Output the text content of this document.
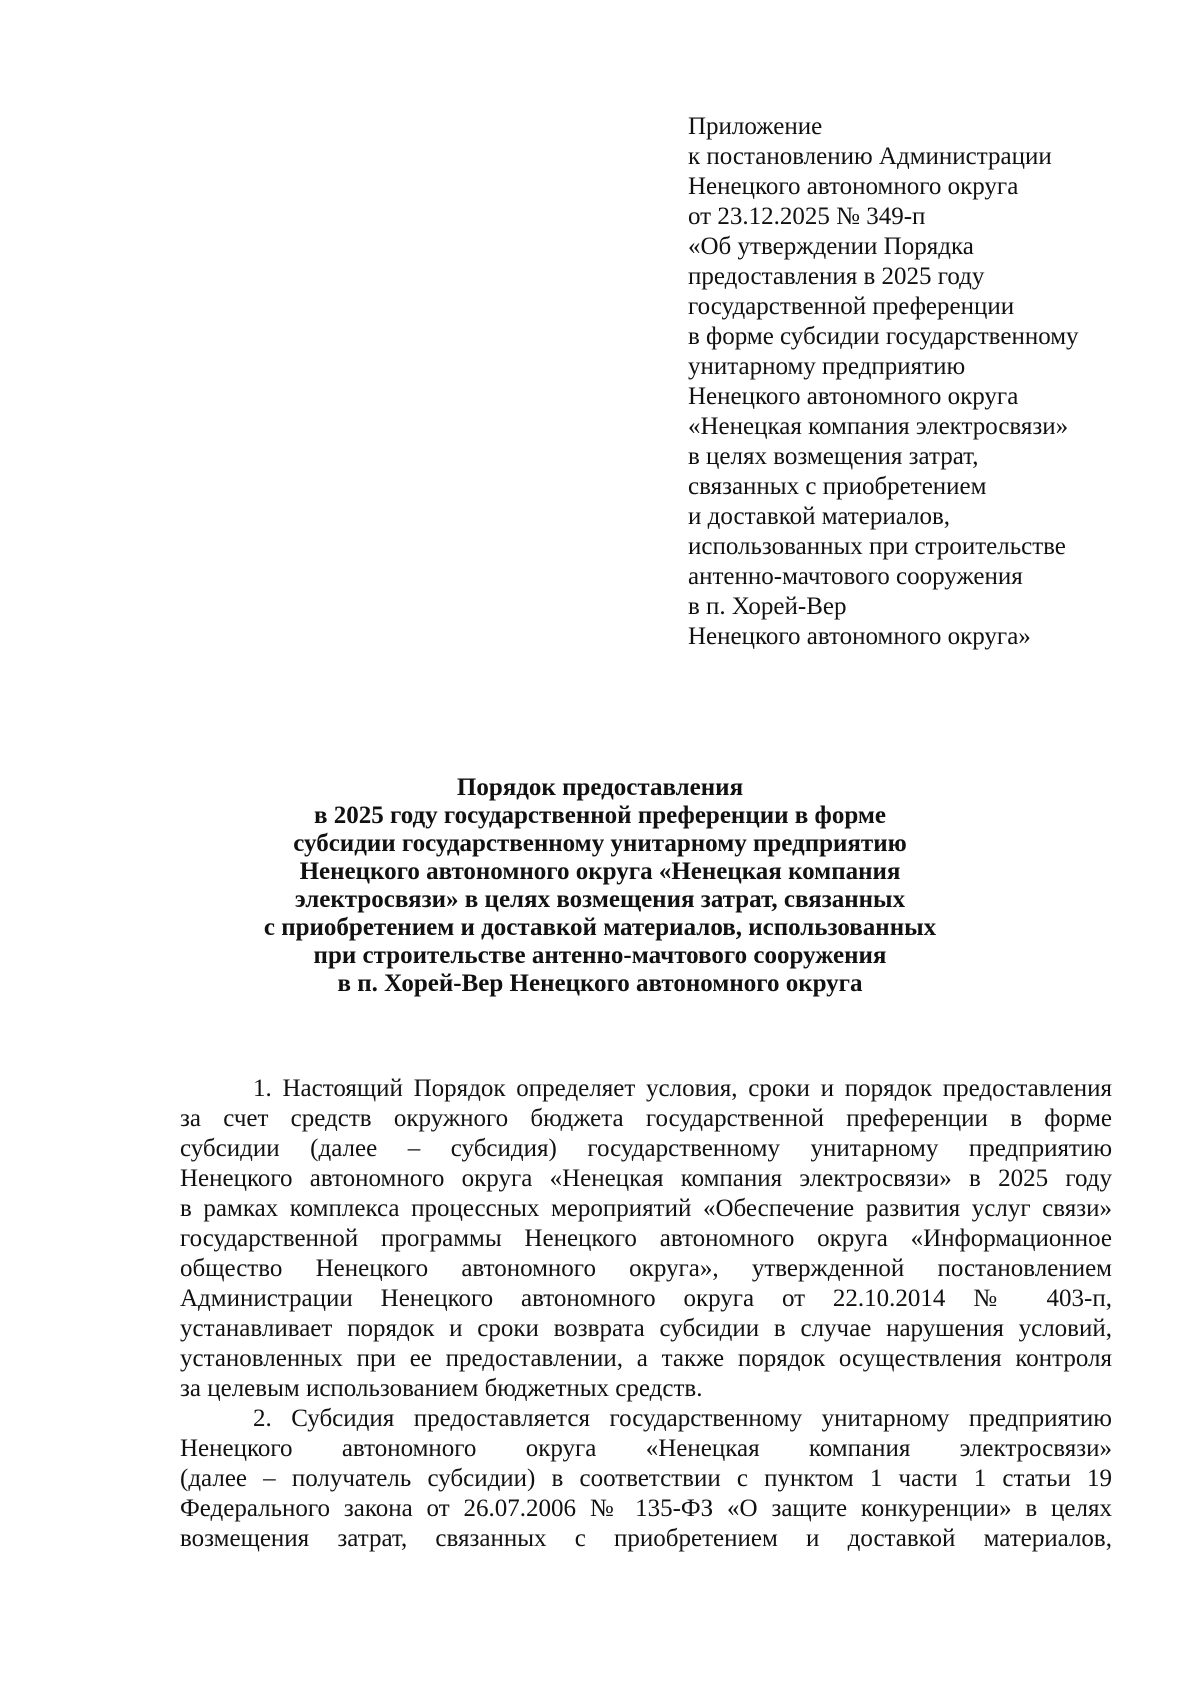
Приложение
к постановлению Администрации
Ненецкого автономного округа
от 23.12.2025 № 349-п
«Об утверждении Порядка
предоставления в 2025 году
государственной преференции
в форме субсидии государственному
унитарному предприятию
Ненецкого автономного округа
«Ненецкая компания электросвязи»
в целях возмещения затрат,
связанных с приобретением
и доставкой материалов,
использованных при строительстве
антенно-мачтового сооружения
в п. Хорей-Вер
Ненецкого автономного округа»
Порядок предоставления
в 2025 году государственной преференции в форме
субсидии государственному унитарному предприятию
Ненецкого автономного округа «Ненецкая компания
электросвязи» в целях возмещения затрат, связанных
с приобретением и доставкой материалов, использованных
при строительстве антенно-мачтового сооружения
в п. Хорей-Вер Ненецкого автономного округа
1. Настоящий Порядок определяет условия, сроки и порядок предоставления
за счет средств окружного бюджета государственной преференции в форме
субсидии (далее – субсидия) государственному унитарному предприятию
Ненецкого автономного округа «Ненецкая компания электросвязи» в 2025 году
в рамках комплекса процессных мероприятий «Обеспечение развития услуг связи»
государственной программы Ненецкого автономного округа «Информационное
общество Ненецкого автономного округа», утвержденной постановлением
Администрации Ненецкого автономного округа от 22.10.2014 № 403-п,
устанавливает порядок и сроки возврата субсидии в случае нарушения условий,
установленных при ее предоставлении, а также порядок осуществления контроля
за целевым использованием бюджетных средств.
2. Субсидия предоставляется государственному унитарному предприятию
Ненецкого автономного округа «Ненецкая компания электросвязи»
(далее – получатель субсидии) в соответствии с пунктом 1 части 1 статьи 19
Федерального закона от 26.07.2006 № 135-ФЗ «О защите конкуренции» в целях
возмещения затрат, связанных с приобретением и доставкой материалов,
